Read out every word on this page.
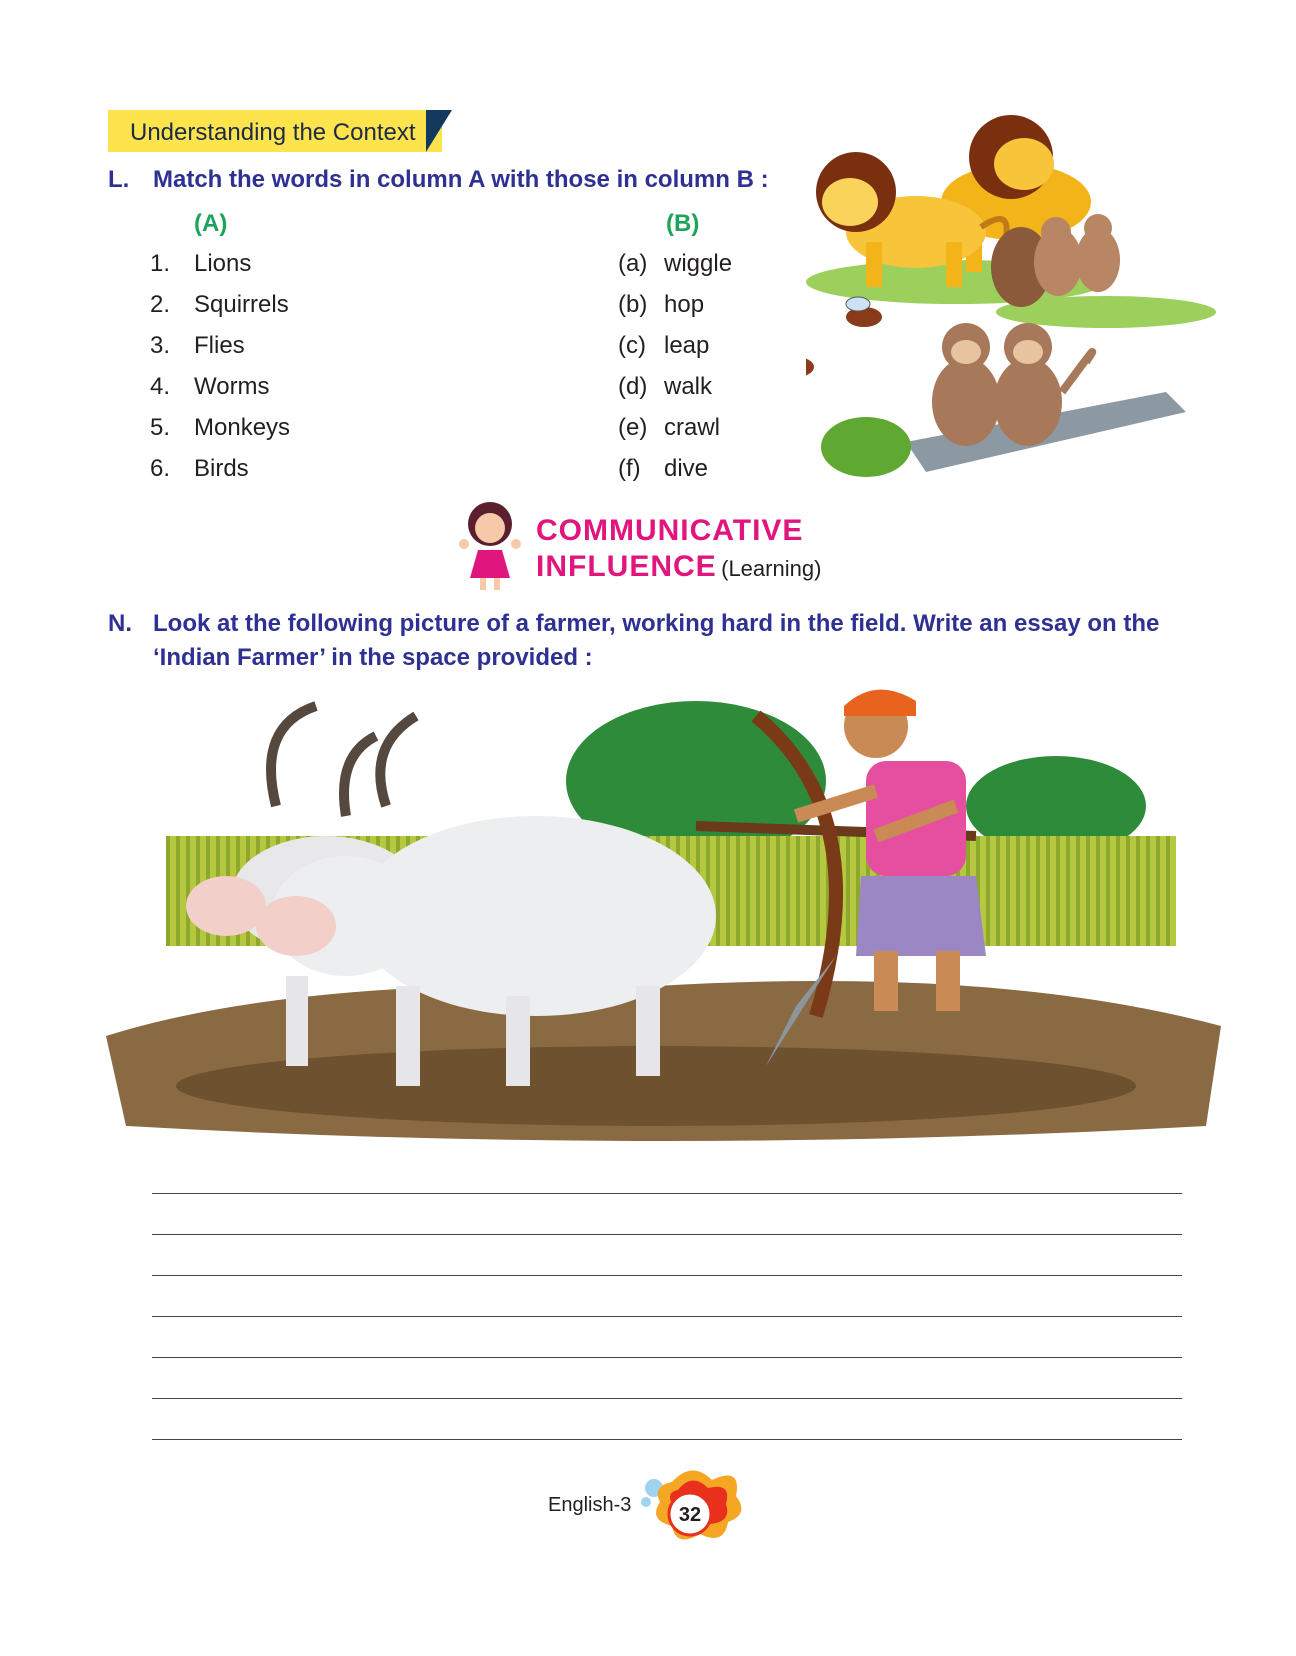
Understanding the Context
L. Match the words in column A with those in column B :
(A)	(B)
1. Lions
2. Squirrels
3. Flies
4. Worms
5. Monkeys
6. Birds
(a) wiggle
(b) hop
(c) leap
(d) walk
(e) crawl
(f) dive
COMMUNICATIVE
INFLUENCE (Learning)
N. Look at the following picture of a farmer, working hard in the field. Write an essay on the
‘Indian Farmer’ in the space provided :
English-3	32
